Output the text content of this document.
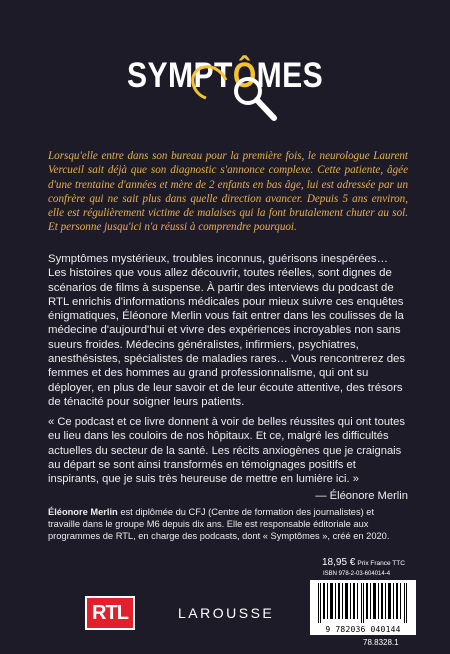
SYMPTÔMES
Lorsqu'elle entre dans son bureau pour la première fois, le neurologue Laurent Vercueil sait déjà que son diagnostic s'annonce complexe. Cette patiente, âgée d'une trentaine d'années et mère de 2 enfants en bas âge, lui est adressée par un confrère qui ne sait plus dans quelle direction avancer. Depuis 5 ans environ, elle est régulièrement victime de malaises qui la font brutalement chuter au sol. Et personne jusqu'ici n'a réussi à comprendre pourquoi.

Symptômes mystérieux, troubles inconnus, guérisons inespérées… Les histoires que vous allez découvrir, toutes réelles, sont dignes de scénarios de films à suspense. À partir des interviews du podcast de RTL enrichis d'informations médicales pour mieux suivre ces enquêtes énigmatiques, Éléonore Merlin vous fait entrer dans les coulisses de la médecine d'aujourd'hui et vivre des expériences incroyables non sans sueurs froides. Médecins généralistes, infirmiers, psychiatres, anesthésistes, spécialistes de maladies rares… Vous rencontrerez des femmes et des hommes au grand professionnalisme, qui ont su déployer, en plus de leur savoir et de leur écoute attentive, des trésors de ténacité pour soigner leurs patients.

« Ce podcast et ce livre donnent à voir de belles réussites qui ont toutes eu lieu dans les couloirs de nos hôpitaux. Et ce, malgré les difficultés actuelles du secteur de la santé. Les récits anxiogènes que je craignais au départ se sont ainsi transformés en témoignages positifs et inspirants, que je suis très heureuse de mettre en lumière ici. »

— Éléonore Merlin

Éléonore Merlin est diplômée du CFJ (Centre de formation des journalistes) et travaille dans le groupe M6 depuis dix ans. Elle est responsable éditoriale aux programmes de RTL, en charge des podcasts, dont « Symptômes », créé en 2020.
RTL	LAROUSSE
18,95 € Prix France TTC
ISBN 978-2-03-604014-4
9 782036 040144
78.8328.1
